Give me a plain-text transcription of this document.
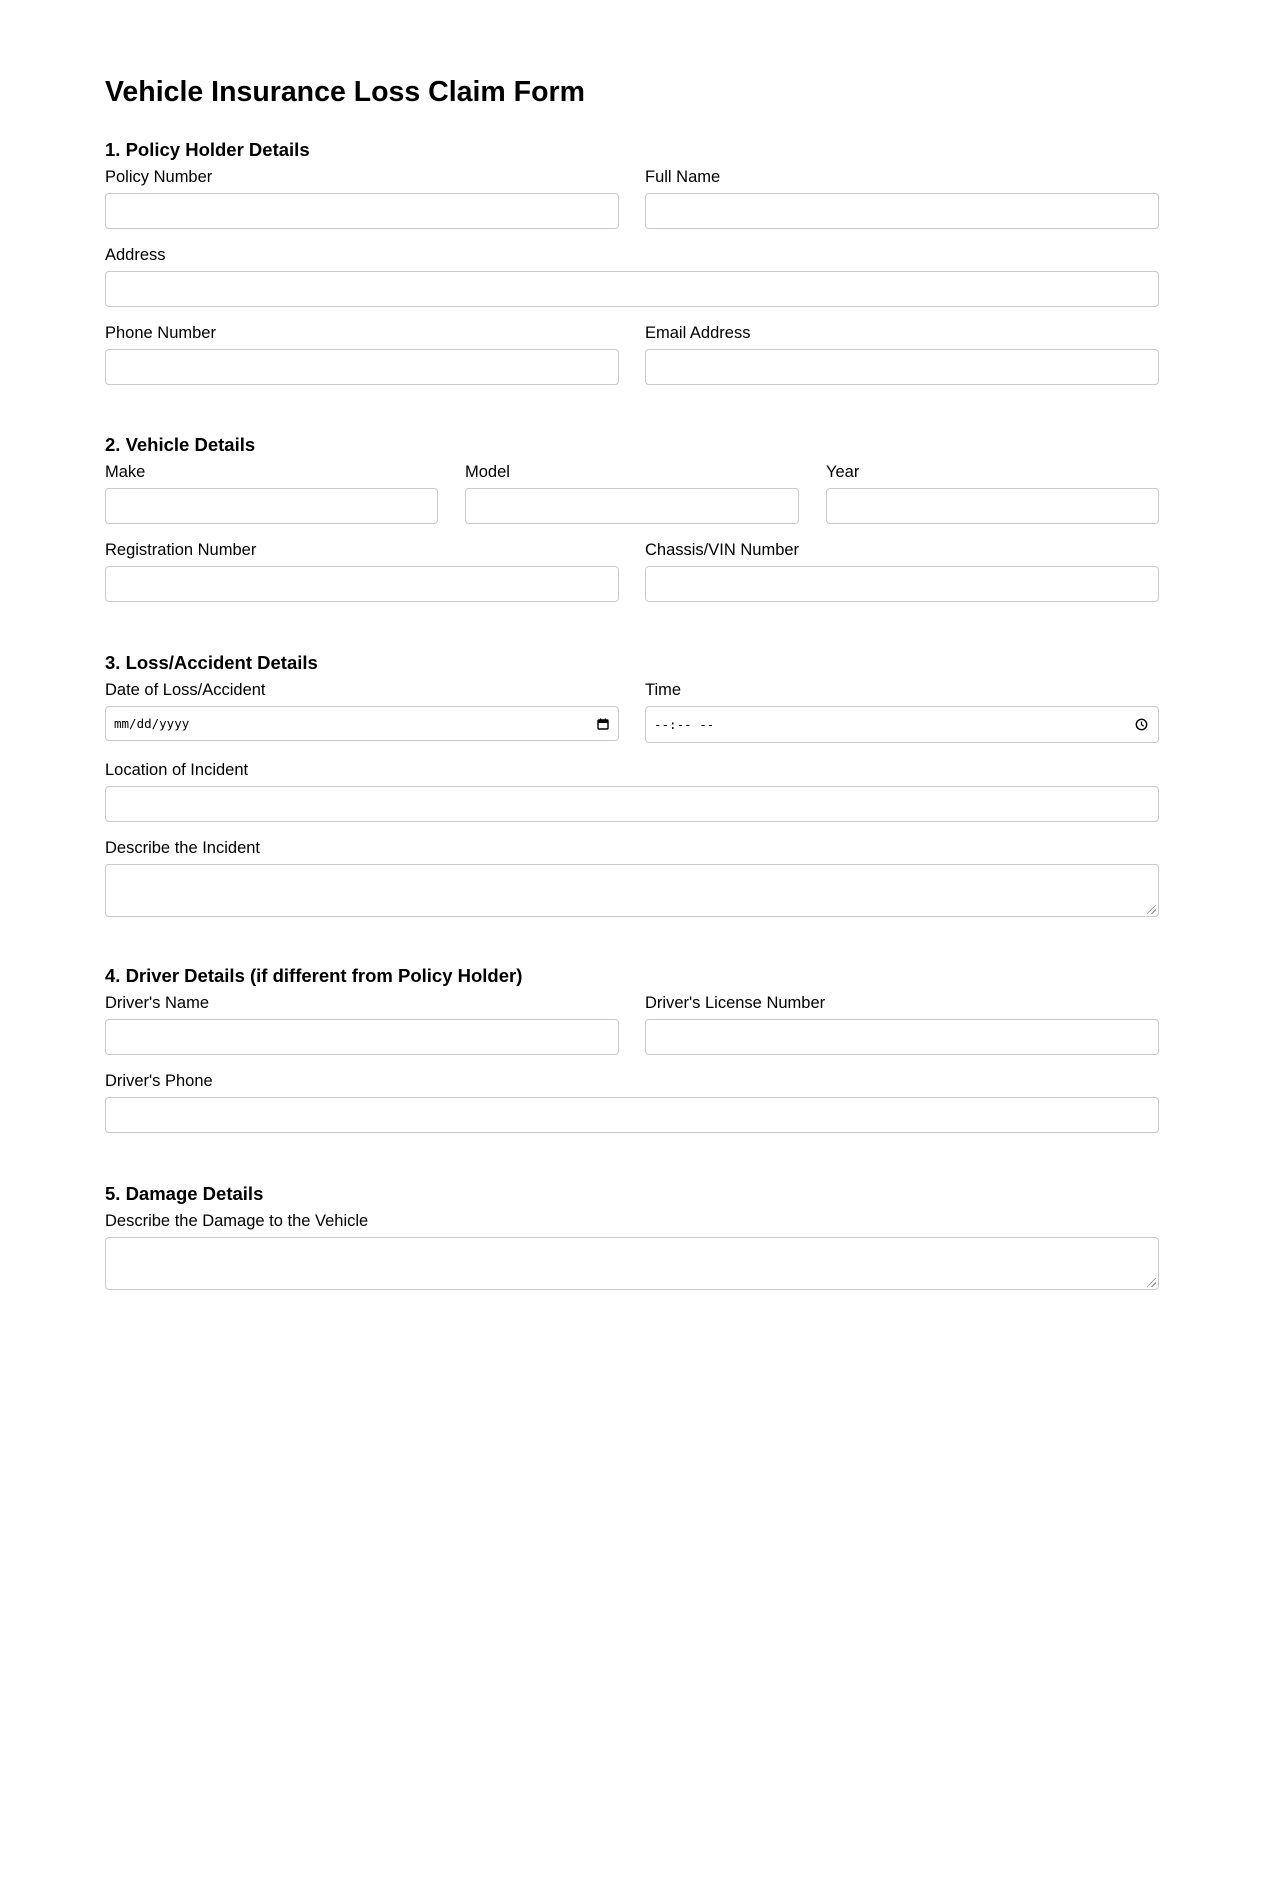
Vehicle Insurance Loss Claim Form
1. Policy Holder Details
Policy Number	Full Name
Address
Phone Number	Email Address
2. Vehicle Details
Make	Model	Year
Registration Number	Chassis/VIN Number
3. Loss/Accident Details
Date of Loss/Accident
mm/dd/yyyy
Time
--:-- --
Location of Incident
Describe the Incident
4. Driver Details (if different from Policy Holder)
Driver's Name	Driver's License Number
Driver's Phone
5. Damage Details
Describe the Damage to the Vehicle
